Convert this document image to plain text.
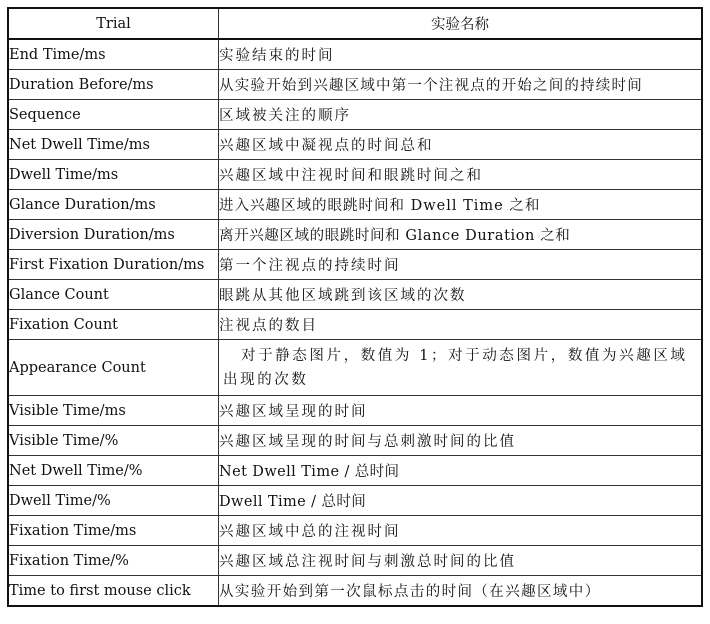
Trial	实验名称
End Time/ms	实验结束的时间
Duration Before/ms	从实验开始到兴趣区域中第一个注视点的开始之间的持续时间
Sequence	区域被关注的顺序
Net Dwell Time/ms	兴趣区域中凝视点的时间总和
Dwell Time/ms	兴趣区域中注视时间和眼跳时间之和
Glance Duration/ms	进入兴趣区域的眼跳时间和 Dwell Time 之和
Diversion Duration/ms	离开兴趣区域的眼跳时间和 Glance Duration 之和
First Fixation Duration/ms	第一个注视点的持续时间
Glance Count	眼跳从其他区域跳到该区域的次数
Fixation Count	注视点的数目
Appearance Count	对于静态图片，数值为 1；对于动态图片，数值为兴趣区域出现的次数
Visible Time/ms	兴趣区域呈现的时间
Visible Time/%	兴趣区域呈现的时间与总刺激时间的比值
Net Dwell Time/%	Net Dwell Time / 总时间
Dwell Time/%	Dwell Time / 总时间
Fixation Time/ms	兴趣区域中总的注视时间
Fixation Time/%	兴趣区域总注视时间与刺激总时间的比值
Time to first mouse click	从实验开始到第一次鼠标点击的时间（在兴趣区域中）
